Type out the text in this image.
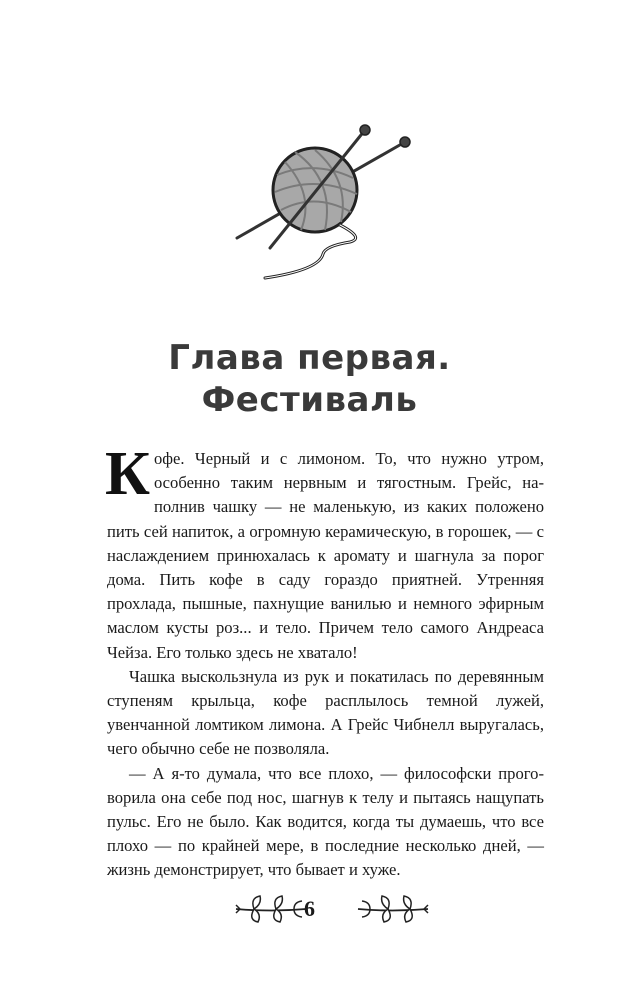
Глава первая.
Фестиваль

Кофе. Черный и с лимоном. То, что нужно утром, особенно таким нервным и тягостным. Грейс, наполнив чашку — не маленькую, из каких положено пить сей напиток, а огромную керамическую, в горошек, — с наслаждением принюхалась к аромату и шагнула за порог дома. Пить кофе в саду гораздо приятней. Утренняя прохлада, пышные, пахнущие ванилью и немного эфирным маслом кусты роз... и тело. Причем тело самого Андреаса Чейза. Его только здесь не хватало!

Чашка выскользнула из рук и покатилась по деревянным ступеням крыльца, кофе расплылось темной лужей, увенчанной ломтиком лимона. А Грейс Чибнелл выругалась, чего обычно себе не позволяла.

— А я-то думала, что все плохо, — философски проговорила она себе под нос, шагнув к телу и пытаясь нащупать пульс. Его не было. Как водится, когда ты думаешь, что все плохо — по крайней мере, в последние несколько дней, — жизнь демонстрирует, что бывает и хуже.

6
